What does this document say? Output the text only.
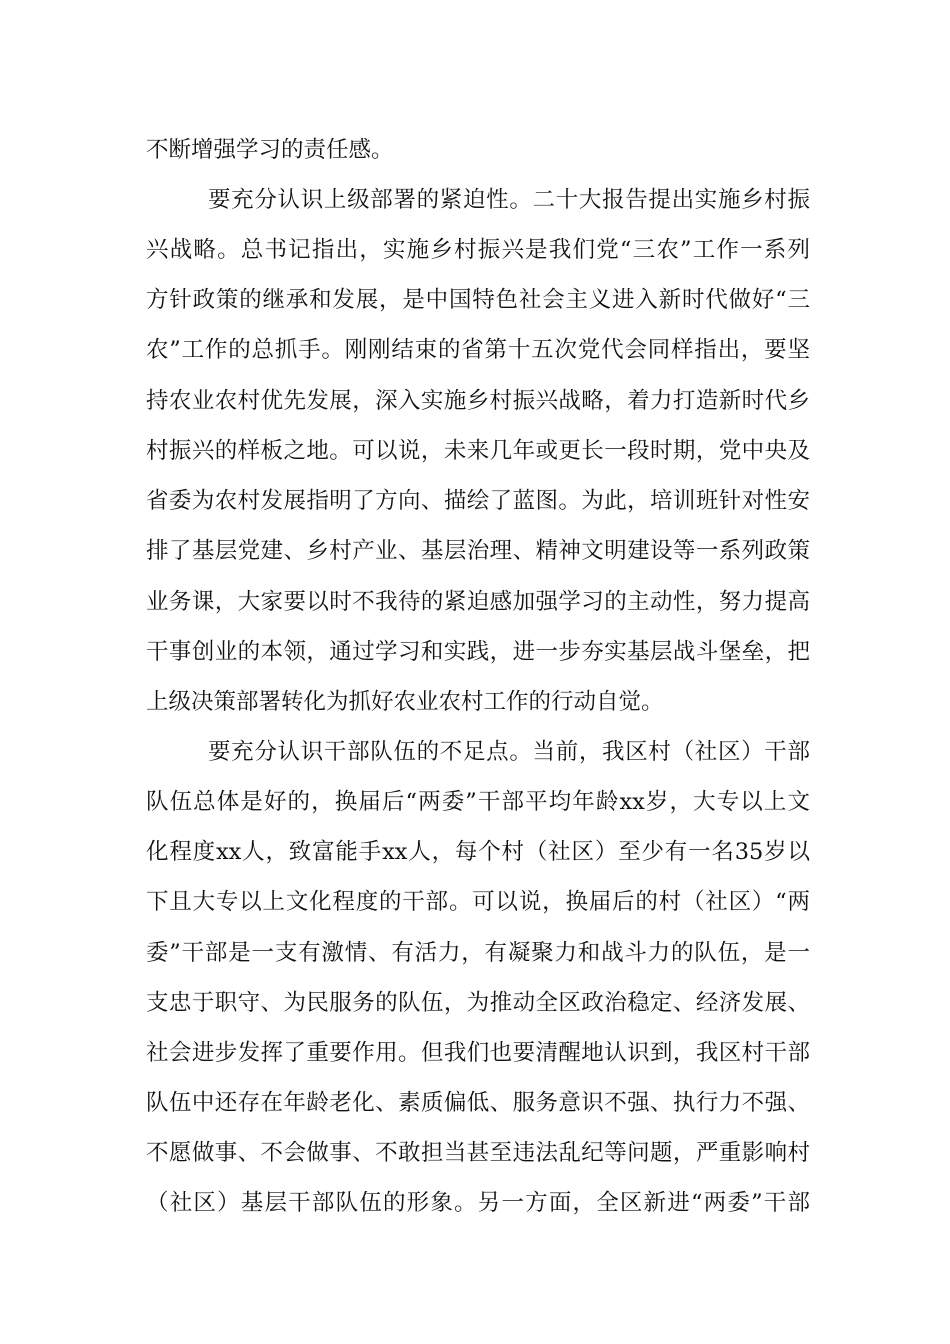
不断增强学习的责任感。
要充分认识上级部署的紧迫性。二十大报告提出实施乡村振
兴战略。总书记指出，实施乡村振兴是我们党“三农”工作一系列
方针政策的继承和发展，是中国特色社会主义进入新时代做好“三
农”工作的总抓手。刚刚结束的省第十五次党代会同样指出，要坚
持农业农村优先发展，深入实施乡村振兴战略，着力打造新时代乡
村振兴的样板之地。可以说，未来几年或更长一段时期，党中央及
省委为农村发展指明了方向、描绘了蓝图。为此，培训班针对性安
排了基层党建、乡村产业、基层治理、精神文明建设等一系列政策
业务课，大家要以时不我待的紧迫感加强学习的主动性，努力提高
干事创业的本领，通过学习和实践，进一步夯实基层战斗堡垒，把
上级决策部署转化为抓好农业农村工作的行动自觉。
要充分认识干部队伍的不足点。当前，我区村（社区）干部
队伍总体是好的，换届后“两委”干部平均年龄xx岁，大专以上文
化程度xx人，致富能手xx人，每个村（社区）至少有一名35岁以
下且大专以上文化程度的干部。可以说，换届后的村（社区）“两
委”干部是一支有激情、有活力，有凝聚力和战斗力的队伍，是一
支忠于职守、为民服务的队伍，为推动全区政治稳定、经济发展、
社会进步发挥了重要作用。但我们也要清醒地认识到，我区村干部
队伍中还存在年龄老化、素质偏低、服务意识不强、执行力不强、
不愿做事、不会做事、不敢担当甚至违法乱纪等问题，严重影响村
（社区）基层干部队伍的形象。另一方面，全区新进“两委”干部
